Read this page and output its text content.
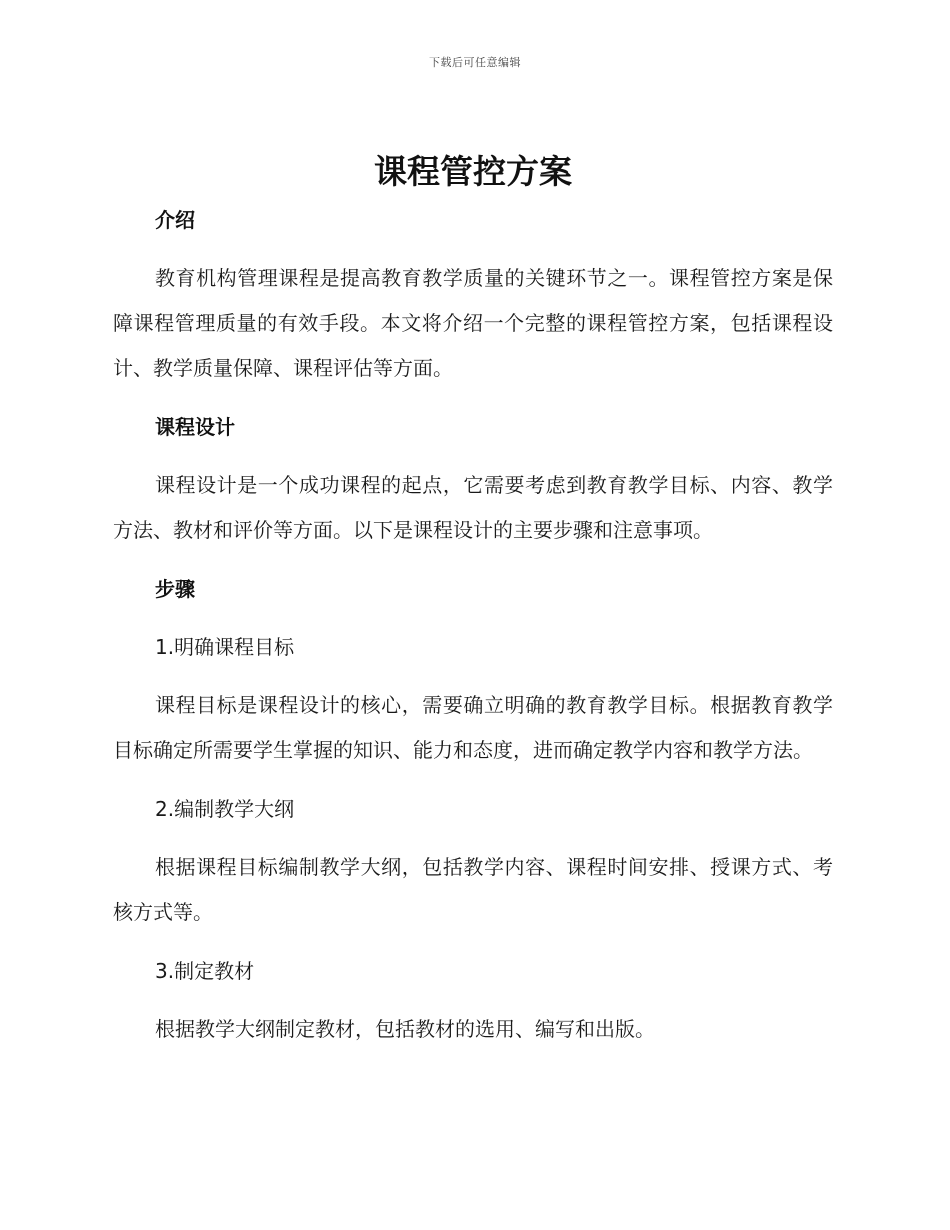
下载后可任意编辑
课程管控方案
介绍

教育机构管理课程是提高教育教学质量的关键环节之一。课程管控方案是保障课程管理质量的有效手段。本文将介绍一个完整的课程管控方案，包括课程设计、教学质量保障、课程评估等方面。

课程设计

课程设计是一个成功课程的起点，它需要考虑到教育教学目标、内容、教学方法、教材和评价等方面。以下是课程设计的主要步骤和注意事项。

步骤
1.明确课程目标

课程目标是课程设计的核心，需要确立明确的教育教学目标。根据教育教学目标确定所需要学生掌握的知识、能力和态度，进而确定教学内容和教学方法。

2.编制教学大纲

根据课程目标编制教学大纲，包括教学内容、课程时间安排、授课方式、考核方式等。

3.制定教材

根据教学大纲制定教材，包括教材的选用、编写和出版。
